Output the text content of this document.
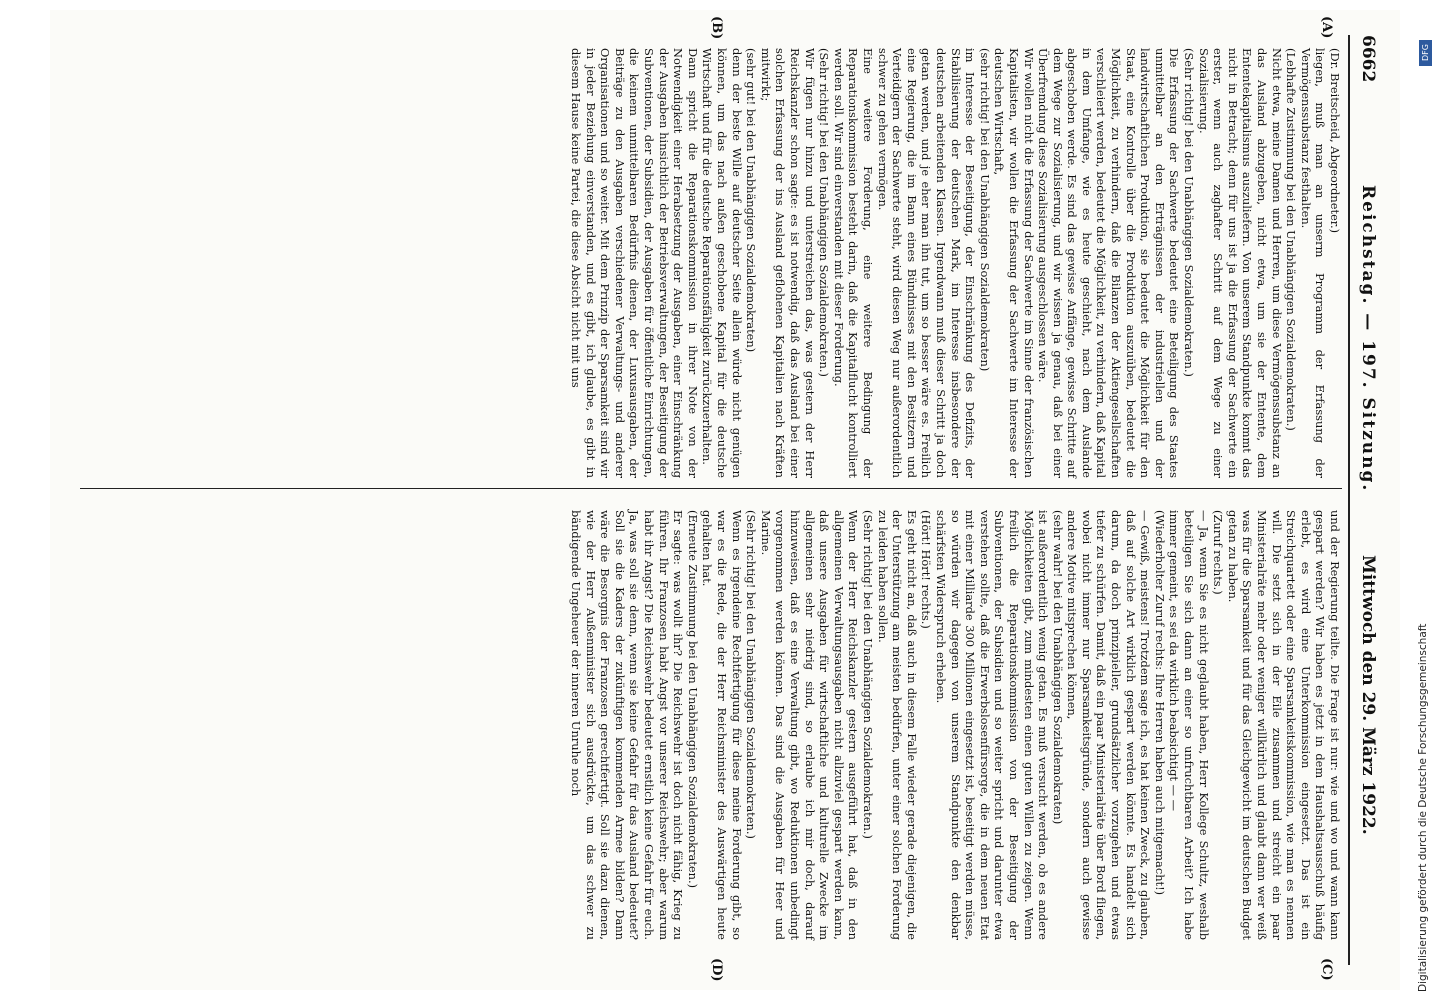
6662
Reichstag. — 197. Sitzung.
Mittwoch den 29. März 1922.
(A)
(B)
(C)
(D)
(Dr. Breitscheid, Abgeordneter.)
liegen, muß man an unserm Programm der Erfassung der Vermögenssubstanz festhalten.
(Lebhafte Zustimmung bei den Unabhängigen Sozialdemokraten.)
Nicht etwa, meine Damen und Herren, um diese Vermögenssubstanz an das Ausland abzugeben, nicht etwa, um sie der Entente, dem Ententekapitalismus auszuliefern. Von unserem Standpunkte kommt das nicht in Betracht; denn für uns ist ja die Erfassung der Sachwerte ein erster, wenn auch zaghafter Schritt auf dem Wege zu einer Sozialisierung.
(Sehr richtig! bei den Unabhängigen Sozialdemokraten.)
Die Erfassung der Sachwerte bedeutet eine Beteiligung des Staates unmittelbar an den Erträgnissen der industriellen und der landwirtschaftlichen Produktion, sie bedeutet die Möglichkeit für den Staat, eine Kontrolle über die Produktion auszuüben, bedeutet die Möglichkeit, zu verhindern, daß die Bilanzen der Aktiengesellschaften verschleiert werden, bedeutet die Möglichkeit, zu verhindern, daß Kapital in dem Umfange, wie es heute geschieht, nach dem Auslande abgeschoben werde. Es sind das gewisse Anfänge, gewisse Schritte auf dem Wege zur Sozialisierung, und wir wissen ja genau, daß bei einer Überfremdung diese Sozialisierung ausgeschlossen wäre.
Wir wollen nicht die Erfassung der Sachwerte im Sinne der französischen Kapitalisten, wir wollen die Erfassung der Sachwerte im Interesse der deutschen Wirtschaft,
(sehr richtig! bei den Unabhängigen Sozialdemokraten)
im Interesse der Beseitigung, der Einschränkung des Defizits, der Stabilisierung der deutschen Mark, im Interesse insbesondere der deutschen arbeitenden Klassen. Irgendwann muß dieser Schritt ja doch getan werden, und je eher man ihn tut, um so besser wäre es. Freilich eine Regierung, die im Bann eines Bündnisses mit den Besitzern und Verteidigern der Sachwerte steht, wird diesen Weg nur außerordentlich schwer zu gehen vermögen.
Eine weitere Forderung, eine weitere Bedingung der Reparationskommission besteht darin, daß die Kapitalflucht kontrolliert werden soll. Wir sind einverstanden mit dieser Forderung.
(Sehr richtig! bei den Unabhängigen Sozialdemokraten.)
Wir fügen nur hinzu und unterstreichen das, was gestern der Herr Reichskanzler schon sagte: es ist notwendig, daß das Ausland bei einer solchen Erfassung der ins Ausland geflohenen Kapitalien nach Kräften mitwirkt;
(sehr gut! bei den Unabhängigen Sozialdemokraten)
denn der beste Wille auf deutscher Seite allein würde nicht genügen können, um das nach außen geschobene Kapital für die deutsche Wirtschaft und für die deutsche Reparationsfähigkeit zurückzuerhalten.
Dann spricht die Reparationskommission in ihrer Note von der Notwendigkeit einer Herabsetzung der Ausgaben, einer Einschränkung der Ausgaben hinsichtlich der Betriebsverwaltungen, der Beseitigung der Subventionen, der Subsidien, der Ausgaben für öffentliche Einrichtungen, die keinem unmittelbaren Bedürfnis dienen, der Luxusausgaben, der Beiträge zu den Ausgaben verschiedener Verwaltungs- und anderer Organisationen und so weiter. Mit dem Prinzip der Sparsamkeit sind wir in jeder Beziehung einverstanden, und es gibt, ich glaube, es gibt in diesem Hause keine Partei, die diese Absicht nicht mit uns
und der Regierung teilte. Die Frage ist nur: wie und wo und wann kann gespart werden? Wir haben es jetzt in dem Haushaltsausschuß häufig erlebt, es wird eine Unterkommission eingesetzt. Das ist ein Streichquartett oder eine Sparsamkeitskommission, wie man es nennen will. Die setzt sich in der Eile zusammen und streicht ein paar Ministerialräte mehr oder weniger willkürlich und glaubt dann wer weiß was für die Sparsamkeit und für das Gleichgewicht im deutschen Budget getan zu haben.
(Zuruf rechts.)
— Ja, wenn Sie es nicht geglaubt haben, Herr Kollege Schultz, weshalb beteiligen Sie sich dann an einer so unfruchtbaren Arbeit? Ich habe immer gemeint, es sei da wirklich beabsichtigt — —
(Wiederholter Zuruf rechts: Ihre Herren haben auch mitgemacht!)
— Gewiß, meistens! Trotzdem sage ich, es hat keinen Zweck, zu glauben, daß auf solche Art wirklich gespart werden könnte. Es handelt sich darum, da doch prinzipieller, grundsätzlicher vorzugehen und etwas tiefer zu schürfen. Damit, daß ein paar Ministerialräte über Bord fliegen, wobei nicht immer nur Sparsamkeitsgründe, sondern auch gewisse andere Motive mitsprechen können,
(sehr wahr! bei den Unabhängigen Sozialdemokraten)
ist außerordentlich wenig getan. Es muß versucht werden, ob es andere Möglichkeiten gibt, zum mindesten einen guten Willen zu zeigen. Wenn freilich die Reparationskommission von der Beseitigung der Subventionen, der Subsidien und so weiter spricht und darunter etwa verstehen sollte, daß die Erwerbslosenfürsorge, die in dem neuen Etat mit einer Milliarde 300 Millionen eingesetzt ist, beseitigt werden müsse, so würden wir dagegen von unserem Standpunkte den denkbar schärfsten Widerspruch erheben.
(Hört! Hört! rechts.)
Es geht nicht an, daß auch in diesem Falle wieder gerade diejenigen, die der Unterstützung am meisten bedürfen, unter einer solchen Forderung zu leiden haben sollen.
(Sehr richtig! bei den Unabhängigen Sozialdemokraten.)
Wenn der Herr Reichskanzler gestern ausgeführt hat, daß in den allgemeinen Verwaltungsausgaben nicht allzuviel gespart werden kann, daß unsere Ausgaben für wirtschaftliche und kulturelle Zwecke im allgemeinen sehr niedrig sind, so erlaube ich mir doch, darauf hinzuweisen, daß es eine Verwaltung gibt, wo Reduktionen unbedingt vorgenommen werden können. Das sind die Ausgaben für Heer und Marine.
(Sehr richtig! bei den Unabhängigen Sozialdemokraten.)
Wenn es irgendeine Rechtfertigung für diese meine Forderung gibt, so war es die Rede, die der Herr Reichsminister des Auswärtigen heute gehalten hat.
(Erneute Zustimmung bei den Unabhängigen Sozialdemokraten.)
Er sagte: was wollt ihr? Die Reichswehr ist doch nicht fähig, Krieg zu führen. Ihr Franzosen habt Angst vor unserer Reichswehr; aber warum habt ihr Angst? Die Reichswehr bedeutet ernstlich keine Gefahr für euch. Ja, was soll sie denn, wenn sie keine Gefahr für das Ausland bedeutet? Soll sie die Kaders der zukünftigen kommenden Armee bilden? Dann wäre die Besorgnis der Franzosen gerechtfertigt. Soll sie dazu dienen, wie der Herr Außenminister sich ausdrückte, um das schwer zu bändigende Ungeheuer der inneren Unruhe noch
DFG
Digitalisierung gefördert durch die Deutsche Forschungsgemeinschaft
